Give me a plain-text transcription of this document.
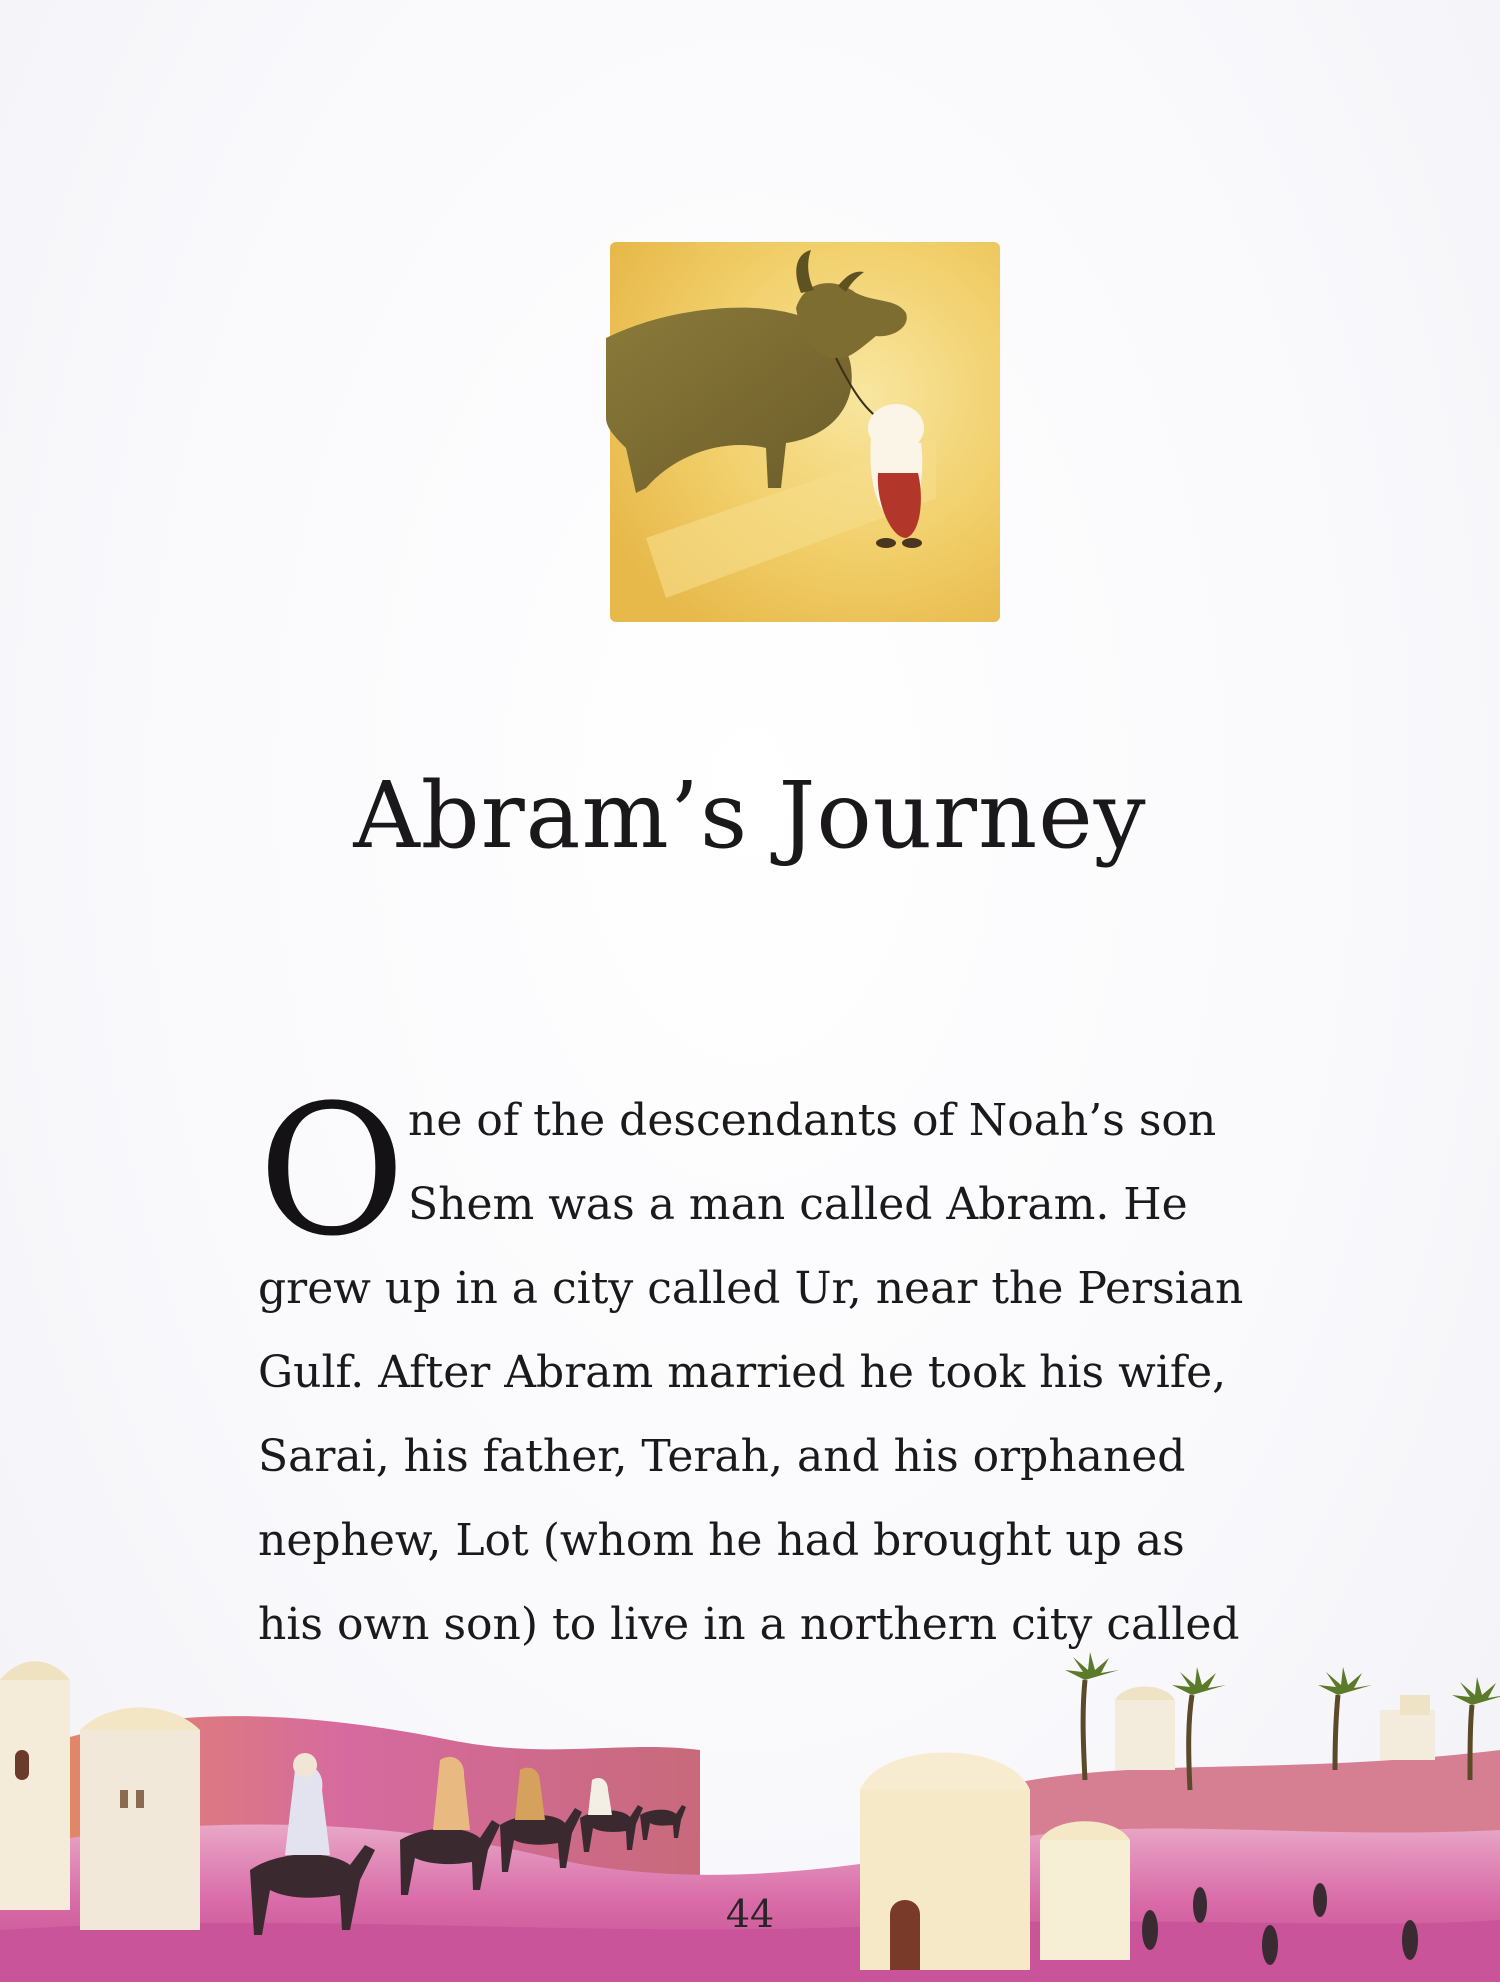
Abram’s Journey
O ne of the descendants of Noah’s son
Shem was a man called Abram. He
grew up in a city called Ur, near the Persian
Gulf. After Abram married he took his wife,
Sarai, his father, Terah, and his orphaned
nephew, Lot (whom he had brought up as
his own son) to live in a northern city called
44
